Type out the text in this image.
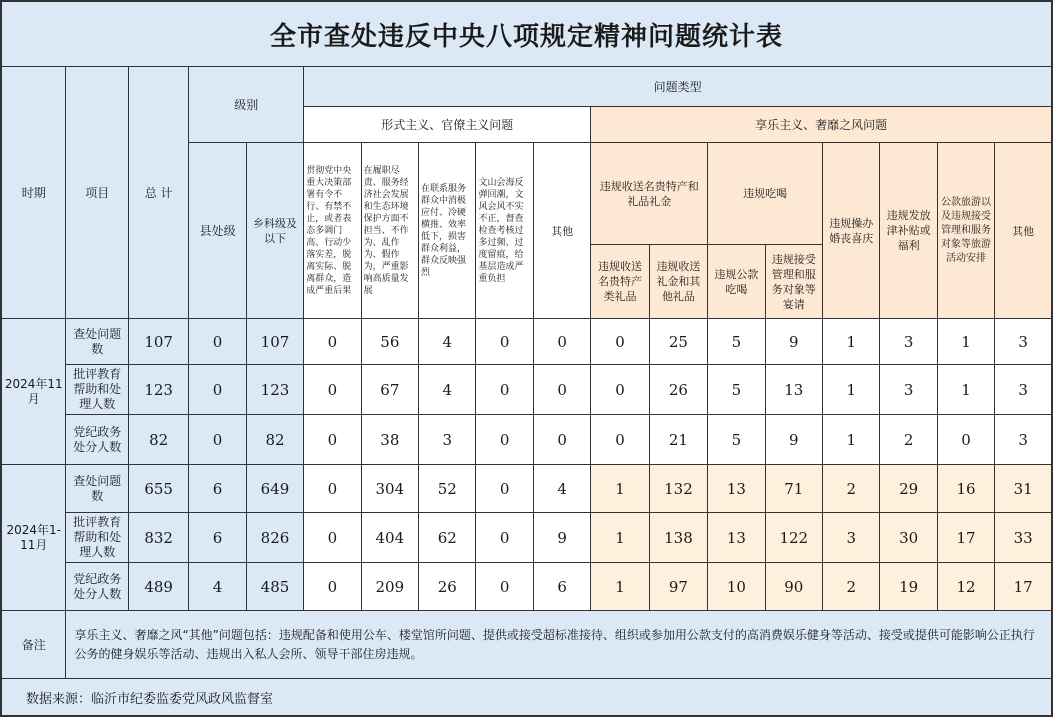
全市查处违反中央八项规定精神问题统计表																	
时期	项目	总 计	级别		问题类型												
					形式主义、官僚主义问题					享乐主义、奢靡之风问题							
			县处级	乡科级及以下	贯彻党中央重大决策部署有令不行、有禁不止，或者表态多调门高、行动少落实差，脱离实际、脱离群众，造成严重后果	在履职尽责、服务经济社会发展和生态环境保护方面不担当、不作为、乱作为、假作为，严重影响高质量发展	在联系服务群众中消极应付、冷硬横推、效率低下，损害群众利益，群众反映强烈	文山会海反弹回潮，文风会风不实不正，督查检查考核过多过频、过度留痕，给基层造成严重负担	其他	违规收送名贵特产和礼品礼金		违规吃喝		违规操办婚丧喜庆	违规发放津补贴或福利	公款旅游以及违规接受管理和服务对象等旅游活动安排	其他
										违规收送名贵特产类礼品	违规收送礼金和其他礼品	违规公款吃喝	违规接受管理和服务对象等宴请				
2024年11月	查处问题数	107	0	107	0	56	4	0	0	0	25	5	9	1	3	1	3
	批评教育帮助和处理人数	123	0	123	0	67	4	0	0	0	26	5	13	1	3	1	3
	党纪政务处分人数	82	0	82	0	38	3	0	0	0	21	5	9	1	2	0	3
2024年1-11月	查处问题数	655	6	649	0	304	52	0	4	1	132	13	71	2	29	16	31
	批评教育帮助和处理人数	832	6	826	0	404	62	0	9	1	138	13	122	3	30	17	33
	党纪政务处分人数	489	4	485	0	209	26	0	6	1	97	10	90	2	19	12	17
备注	享乐主义、奢靡之风“其他”问题包括：违规配备和使用公车、楼堂馆所问题、提供或接受超标准接待、组织或参加用公款支付的高消费娱乐健身等活动、接受或提供可能影响公正执行公务的健身娱乐等活动、违规出入私人会所、领导干部住房违规。																
数据来源：临沂市纪委监委党风政风监督室																	
